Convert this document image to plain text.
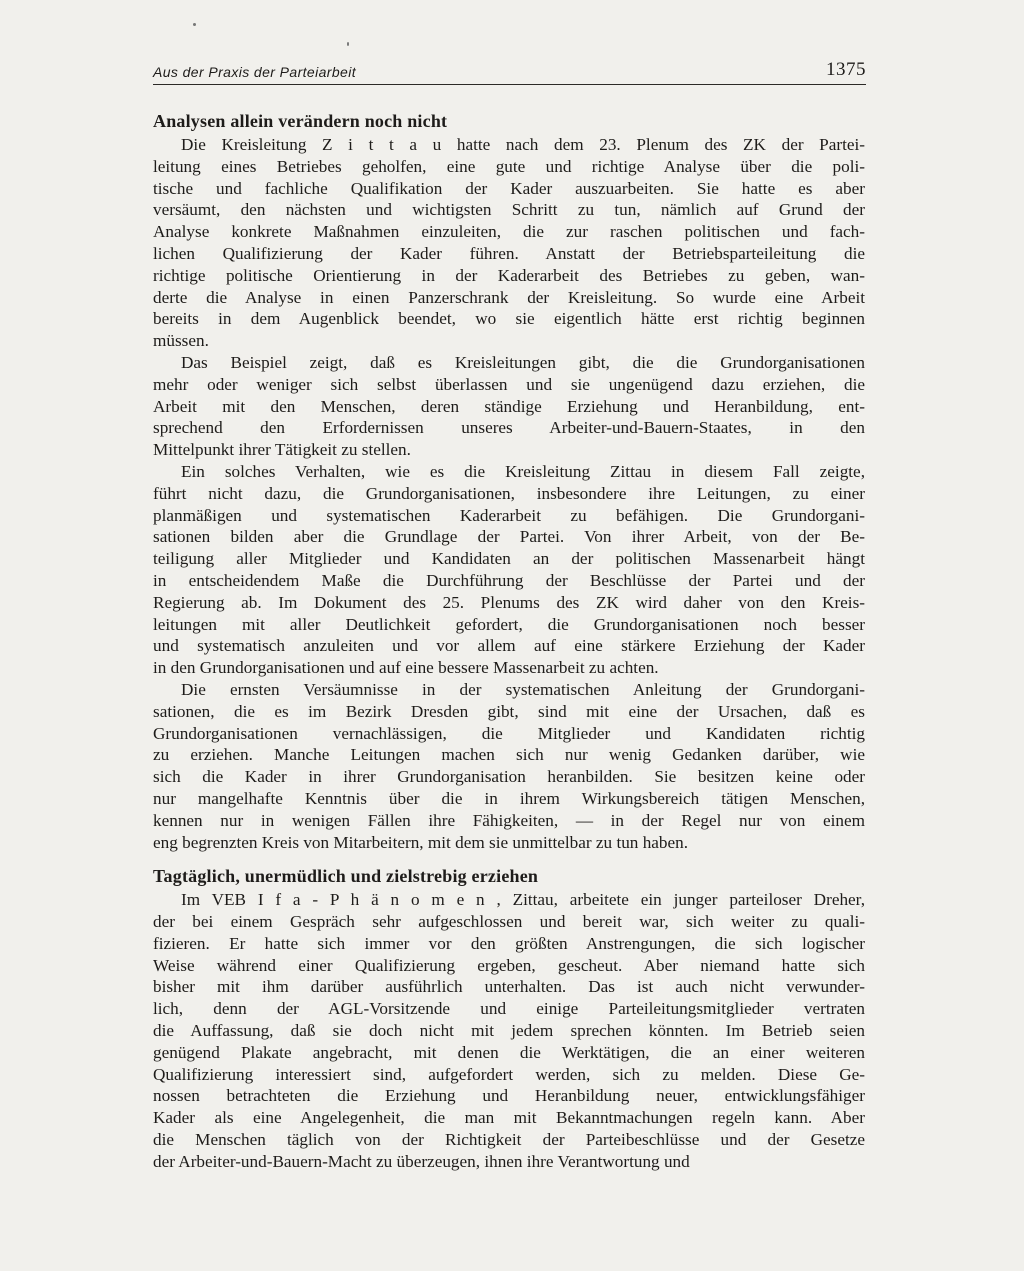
Aus der Praxis der Parteiarbeit	1375
Analysen allein verändern noch nicht

Die Kreisleitung Z i t t a u hatte nach dem 23. Plenum des ZK der Partei-

leitung eines Betriebes geholfen, eine gute und richtige Analyse über die poli-

tische und fachliche Qualifikation der Kader auszuarbeiten. Sie hatte es aber

versäumt, den nächsten und wichtigsten Schritt zu tun, nämlich auf Grund der

Analyse konkrete Maßnahmen einzuleiten, die zur raschen politischen und fach-

lichen Qualifizierung der Kader führen. Anstatt der Betriebsparteileitung die

richtige politische Orientierung in der Kaderarbeit des Betriebes zu geben, wan-

derte die Analyse in einen Panzerschrank der Kreisleitung. So wurde eine Arbeit

bereits in dem Augenblick beendet, wo sie eigentlich hätte erst richtig beginnen

müssen.

Das Beispiel zeigt, daß es Kreisleitungen gibt, die die Grundorganisationen

mehr oder weniger sich selbst überlassen und sie ungenügend dazu erziehen, die

Arbeit mit den Menschen, deren ständige Erziehung und Heranbildung, ent-

sprechend den Erfordernissen unseres Arbeiter-und-Bauern-Staates, in den

Mittelpunkt ihrer Tätigkeit zu stellen.

Ein solches Verhalten, wie es die Kreisleitung Zittau in diesem Fall zeigte,

führt nicht dazu, die Grundorganisationen, insbesondere ihre Leitungen, zu einer

planmäßigen und systematischen Kaderarbeit zu befähigen. Die Grundorgani-

sationen bilden aber die Grundlage der Partei. Von ihrer Arbeit, von der Be-

teiligung aller Mitglieder und Kandidaten an der politischen Massenarbeit hängt

in entscheidendem Maße die Durchführung der Beschlüsse der Partei und der

Regierung ab. Im Dokument des 25. Plenums des ZK wird daher von den Kreis-

leitungen mit aller Deutlichkeit gefordert, die Grundorganisationen noch besser

und systematisch anzuleiten und vor allem auf eine stärkere Erziehung der Kader

in den Grundorganisationen und auf eine bessere Massenarbeit zu achten.

Die ernsten Versäumnisse in der systematischen Anleitung der Grundorgani-

sationen, die es im Bezirk Dresden gibt, sind mit eine der Ursachen, daß es

Grundorganisationen vernachlässigen, die Mitglieder und Kandidaten richtig

zu erziehen. Manche Leitungen machen sich nur wenig Gedanken darüber, wie

sich die Kader in ihrer Grundorganisation heranbilden. Sie besitzen keine oder

nur mangelhafte Kenntnis über die in ihrem Wirkungsbereich tätigen Menschen,

kennen nur in wenigen Fällen ihre Fähigkeiten, — in der Regel nur von einem

eng begrenzten Kreis von Mitarbeitern, mit dem sie unmittelbar zu tun haben.

Tagtäglich, unermüdlich und zielstrebig erziehen

Im VEB I f a - P h ä n o m e n , Zittau, arbeitete ein junger parteiloser Dreher,

der bei einem Gespräch sehr aufgeschlossen und bereit war, sich weiter zu quali-

fizieren. Er hatte sich immer vor den größten Anstrengungen, die sich logischer

Weise während einer Qualifizierung ergeben, gescheut. Aber niemand hatte sich

bisher mit ihm darüber ausführlich unterhalten. Das ist auch nicht verwunder-

lich, denn der AGL-Vorsitzende und einige Parteileitungsmitglieder vertraten

die Auffassung, daß sie doch nicht mit jedem sprechen könnten. Im Betrieb seien

genügend Plakate angebracht, mit denen die Werktätigen, die an einer weiteren

Qualifizierung interessiert sind, aufgefordert werden, sich zu melden. Diese Ge-

nossen betrachteten die Erziehung und Heranbildung neuer, entwicklungsfähiger

Kader als eine Angelegenheit, die man mit Bekanntmachungen regeln kann. Aber

die Menschen täglich von der Richtigkeit der Parteibeschlüsse und der Gesetze

der Arbeiter-und-Bauern-Macht zu überzeugen, ihnen ihre Verantwortung und
